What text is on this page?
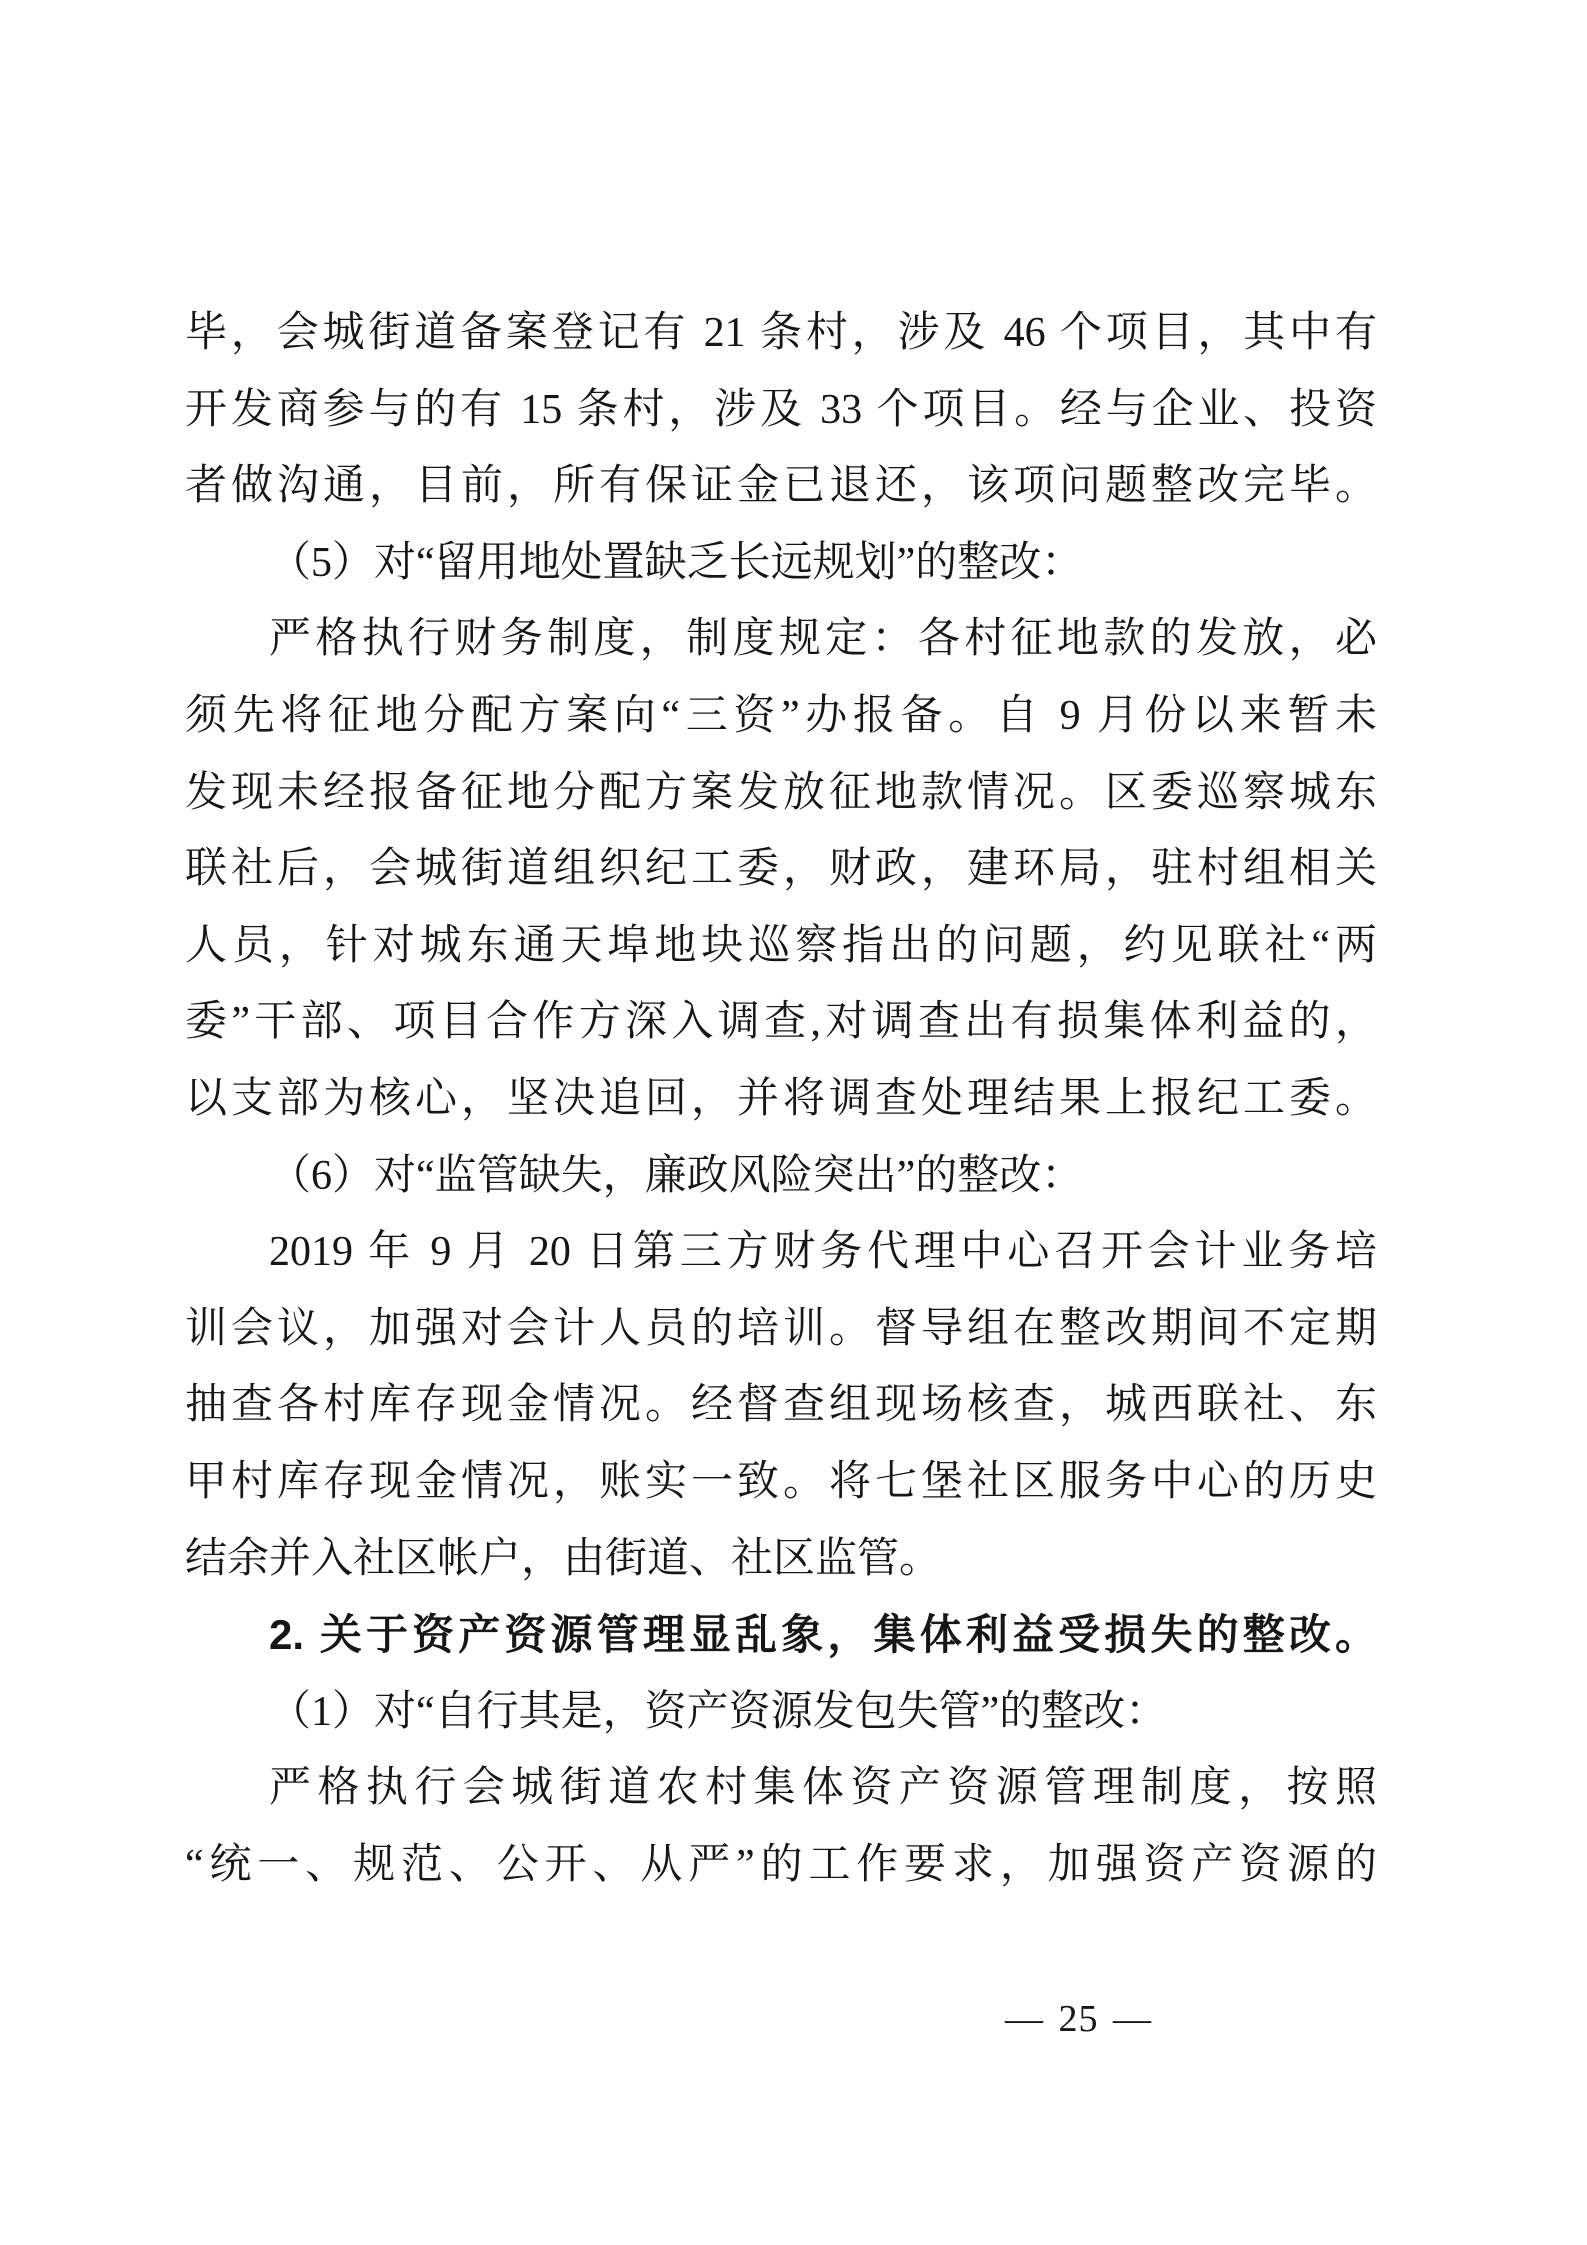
毕，会城街道备案登记有 21 条村，涉及 46 个项目，其中有
开发商参与的有 15 条村，涉及 33 个项目。经与企业、投资
者做沟通，目前，所有保证金已退还，该项问题整改完毕。
（5）对“留用地处置缺乏长远规划”的整改：
严格执行财务制度，制度规定：各村征地款的发放，必
须先将征地分配方案向“三资”办报备。自 9 月份以来暂未
发现未经报备征地分配方案发放征地款情况。区委巡察城东
联社后，会城街道组织纪工委，财政，建环局，驻村组相关
人员，针对城东通天埠地块巡察指出的问题，约见联社“两
委”干部、项目合作方深入调查,对调查出有损集体利益的，
以支部为核心，坚决追回，并将调查处理结果上报纪工委。
（6）对“监管缺失，廉政风险突出”的整改：
2019 年 9 月 20 日第三方财务代理中心召开会计业务培
训会议，加强对会计人员的培训。督导组在整改期间不定期
抽查各村库存现金情况。经督查组现场核查，城西联社、东
甲村库存现金情况，账实一致。将七堡社区服务中心的历史
结余并入社区帐户，由街道、社区监管。
2. 关于资产资源管理显乱象，集体利益受损失的整改。
（1）对“自行其是，资产资源发包失管”的整改：
严格执行会城街道农村集体资产资源管理制度，按照
“统一、规范、公开、从严”的工作要求，加强资产资源的
— 25 —
